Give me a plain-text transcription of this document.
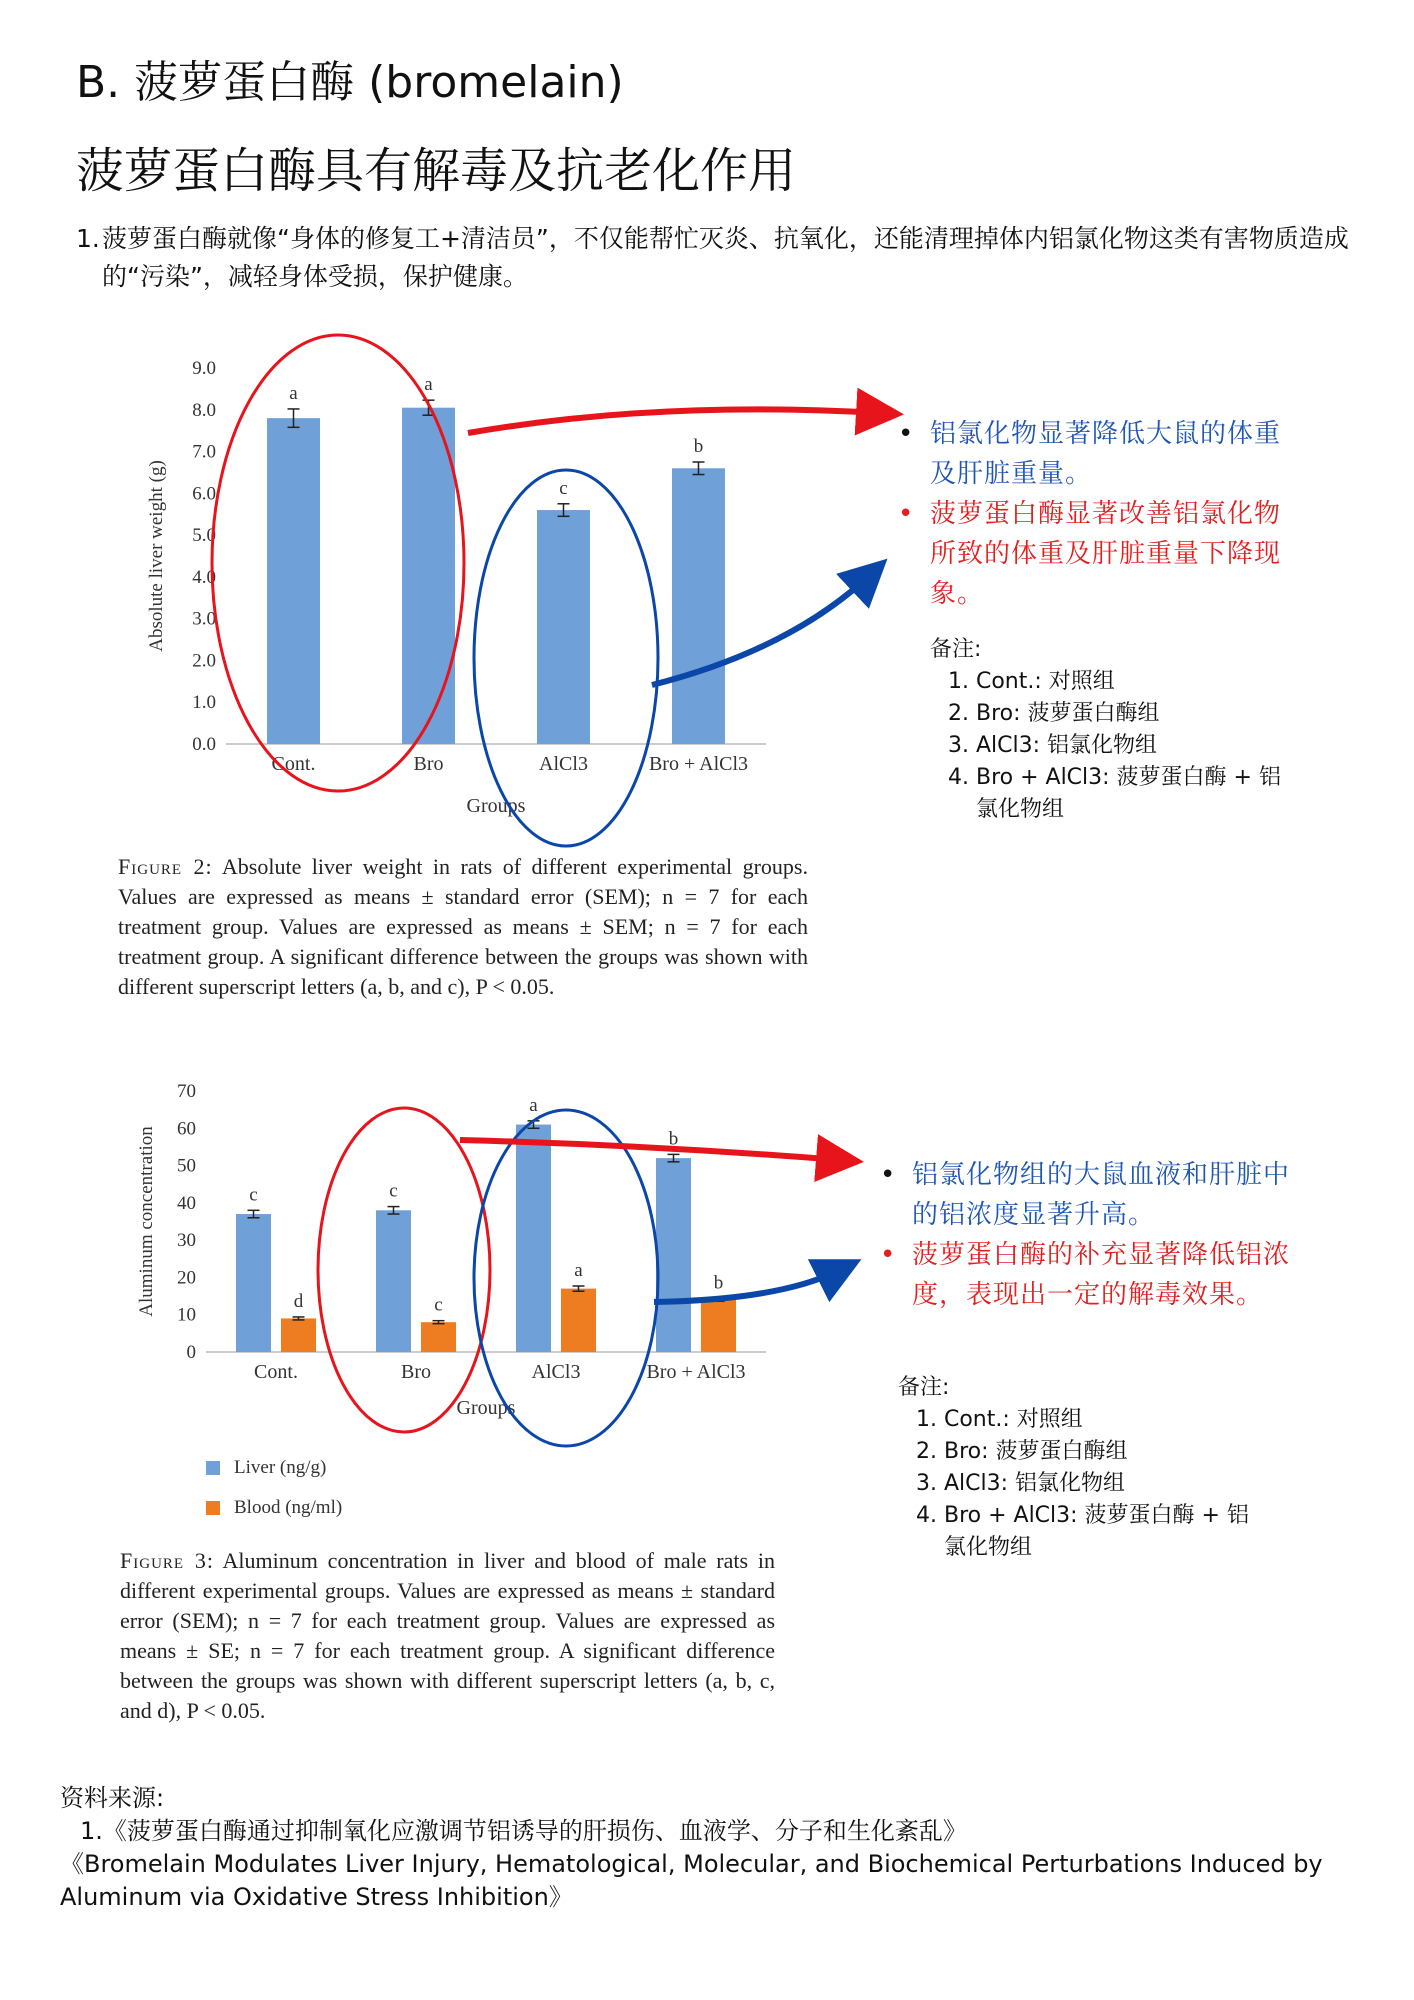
B. 菠萝蛋白酶 (bromelain)
菠萝蛋白酶具有解毒及抗老化作用
1. 菠萝蛋白酶就像“身体的修复工+清洁员”，不仅能帮忙灭炎、抗氧化，还能清理掉体内铝氯化物这类有害物质造成的“污染”，减轻身体受损，保护健康。
0.0
1.0
2.0
3.0
4.0
5.0
6.0
7.0
8.0
9.0
a
Cont.
a
Bro
c
AlCl3
b
Bro + AlCl3
Groups
Absolute liver weight (g)
Figure 2: Absolute liver weight in rats of different experimental groups. Values are expressed as means ± standard error (SEM); n = 7 for each treatment group. Values are expressed as means ± SEM; n = 7 for each treatment group. A significant difference between the groups was shown with different superscript letters (a, b, and c), P < 0.05.
0
10
20
30
40
50
60
70
c
d
Cont.
c
c
Bro
a
a
AlCl3
b
b
Bro + AlCl3
Groups
Aluminum concentration
Liver (ng/g)
Blood (ng/ml)
Figure 3: Aluminum concentration in liver and blood of male rats in different experimental groups. Values are expressed as means ± standard error (SEM); n = 7 for each treatment group. Values are expressed as means ± SE; n = 7 for each treatment group. A significant difference between the groups was shown with different superscript letters (a, b, c, and d), P < 0.05.
• 铝氯化物显著降低大鼠的体重及肝脏重量。
• 菠萝蛋白酶显著改善铝氯化物所致的体重及肝脏重量下降现象。
备注:
1. Cont.: 对照组
2. Bro: 菠萝蛋白酶组
3. AlCl3: 铝氯化物组
4. Bro + AlCl3: 菠萝蛋白酶 + 铝
氯化物组
• 铝氯化物组的大鼠血液和肝脏中的铝浓度显著升高。
• 菠萝蛋白酶的补充显著降低铝浓度，表现出一定的解毒效果。
备注:
1. Cont.: 对照组
2. Bro: 菠萝蛋白酶组
3. AlCl3: 铝氯化物组
4. Bro + AlCl3: 菠萝蛋白酶 + 铝
氯化物组
资料来源:
1.《菠萝蛋白酶通过抑制氧化应激调节铝诱导的肝损伤、血液学、分子和生化紊乱》
《Bromelain Modulates Liver Injury, Hematological, Molecular, and Biochemical Perturbations Induced by Aluminum via Oxidative Stress Inhibition》
